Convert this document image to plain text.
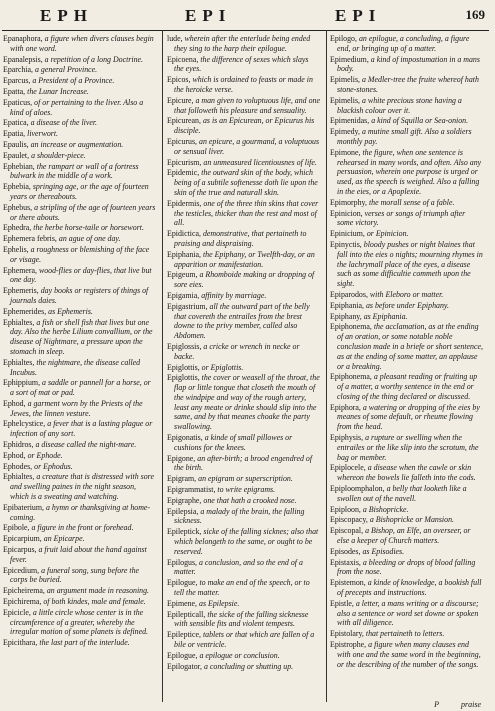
EPH	EPI	EPI	169
Epanaphora, a figure when divers clauses begin with one word.
Epanalepsis, a repetition of a long Doctrine.
Eparchia, a general Province.
Eparcus, a President of a Province.
Epatta, the Lunar Increase.
Epaticus, of or pertaining to the liver. Also a kind of aloes.
Epatica, a disease of the liver.
Epatia, liverwort.
Epaulis, an increase or augmentation.
Epaulet, a shoulder-piece.
Ephebian, the rampart or wall of a fortress bulwark in the middle of a work.
Ephebia, springing age, or the age of fourteen years or thereabouts.
Ephebus, a stripling of the age of fourteen years or there abouts.
Ephedra, the herbe horse-taile or horsewort.
Ephemera febris, an ague of one day.
Ephelis, a roughness or blemishing of the face or visage.
Ephemera, wood-flies or day-flies, that live but one day.
Ephemeris, day books or registers of things of journals daies.
Ephemerides, as Ephemeris.
Ephialtes, a fish or shell fish that lives but one day. Also the herbe Lilium convallium, or the disease of Nightmare, a pressure upon the stomach in sleep.
Ephialtes, the nightmare, the disease called Incubus.
Ephippium, a saddle or pannell for a horse, or a sort of mat or pad.
Ephod, a garment worn by the Priests of the Jewes, the linnen vesture.
Ephelcystice, a fever that is a lasting plague or infection of any sort.
Ephidros, a disease called the night-mare.
Ephod, or Ephode.
Ephodes, or Ephodus.
Ephialtes, a creature that is distressed with sore and swelling paines in the night season, which is a sweating and watching.
Epibaterium, a hymn or thanksgiving at home-coming.
Epibole, a figure in the front or forehead.
Epicarpium, an Epicarpe.
Epicarpus, a fruit laid about the hand against fever.
Epicedium, a funeral song, sung before the corps be buried.
Epicheirema, an argument made in reasoning.
Epichirema, of both kindes, male and female.
Epicicle, a little circle whose center is in the circumference of a greater, whereby the irregular motion of some planets is defined.
Epicithara, the last part of the interlude.
lude, wherein after the enterlude being ended they sing to the harp their epilogue.
Epicoena, the difference of sexes which slays the eyes.
Epicos, which is ordained to feasts or made in the heroicke verse.
Epicure, a man given to voluptuous life, and one that followeth his pleasure and sensuality.
Epicurean, as is an Epicurean, or Epicurus his disciple.
Epicurus, an epicure, a gourmand, a voluptuous or sensual liver.
Epicurism, an unmeasured licentiousnes of life.
Epidemic, the outward skin of the body, which being of a subtile softenesse doth lie upon the skin of the true and naturall skin.
Epidermis, one of the three thin skins that cover the testicles, thicker than the rest and most of all.
Epidictica, demonstrative, that pertaineth to praising and dispraising.
Epiphania, the Epiphany, or Twelfth-day, or an apparition or manifestation.
Epigeum, a Rhomboide making or dropping of sore eies.
Epigamia, affinity by marriage.
Epigastrium, all the outward part of the belly that covereth the entrailes from the brest downe to the privy member, called also Abdomen.
Epiglossis, a cricke or wrench in necke or backe.
Epiglottis, or Epiglottis.
Epiglottis, the cover or weasell of the throat, the flap or little tongue that closeth the mouth of the windpipe and way of the rough artery, least any meate or drinke should slip into the same, and by that meanes choake the party swallowing.
Epigonatis, a kinde of small pillowes or cushions for the knees.
Epigone, an after-birth; a brood engendred of the birth.
Epigram, an epigram or superscription.
Epigrammatist, to write epigrams.
Epigraphe, one that hath a crooked nose.
Epilepsia, a malady of the brain, the falling sickness.
Epileptick, sicke of the falling sicknes; also that which belongeth to the same, or ought to be reserved.
Epilogus, a conclusion, and so the end of a matter.
Epilogue, to make an end of the speech, or to tell the matter.
Epimene, as Epilepsie.
Epilepticall, the sicke of the falling sicknesse with sensible fits and violent tempests.
Epileptice, tablets or that which are fallen of a bile or ventricle.
Epilogue, a epilogue or conclusion.
Epilogator, a concluding or shutting up.
Epilogo, an epilogue, a concluding, a figure end, or bringing up of a matter.
Epimedium, a kind of impostumation in a mans body.
Epimelis, a Medler-tree the fruite whereof hath stone-stones.
Epimelis, a white precious stone having a blackish colour over it.
Epimenidas, a kind of Squilla or Sea-onion.
Epimedy, a mutine small gift. Also a soldiers monthly pay.
Epimone, the figure, when one sentence is rehearsed in many words, and often. Also any persuasion, wherein one purpose is urged or used, as the speech is weighed. Also a falling in the eies, or a Apoplexie.
Epimorphy, the morall sense of a fable.
Epinicion, verses or songs of triumph after some victory.
Epinicium, or Epinicion.
Epinyctis, bloody pushes or night blaines that fall into the eies o nights; mourning rhymes in the lachrymall place of the eyes, a disease such as some difficultie commeth upon the sight.
Epiparodos, with Eleboro or matter.
Epiphania, as before under Epiphany.
Epiphany, as Epiphania.
Epiphonema, the acclamation, as at the ending of an oration, or some notable noble conclusion made in a briefe or short sentence, as at the ending of some matter, an applause or a breaking.
Epiphonema, a pleasant reading or fruiting up of a matter, a worthy sentence in the end or closing of the thing declared or discussed.
Epiphora, a watering or dropping of the eies by meanes of some default, or rheume flowing from the head.
Epiphysis, a rupture or swelling when the entrailes or the like slip into the scrotum, the bag or member.
Epiplocele, a disease when the cawle or skin whereon the bowels lie falleth into the cods.
Epiploomphalon, a belly that looketh like a swollen out of the navell.
Epiploon, a Bishopricke.
Episcopacy, a Bishopricke or Mansion.
Episcopal, a Bishop, an Elfe, an overseer, or else a keeper of Church matters.
Episodes, as Episodies.
Epistaxis, a bleeding or drops of blood falling from the nose.
Epistemon, a kinde of knowledge, a bookish full of precepts and instructions.
Epistle, a letter, a mans writing or a discourse; also a sentence or word set downe or spoken with all diligence.
Epistolary, that pertaineth to letters.
Epistrophe, a figure when many clauses end with one and the same word in the beginning, or the describing of the number of the songs.
P	praise
